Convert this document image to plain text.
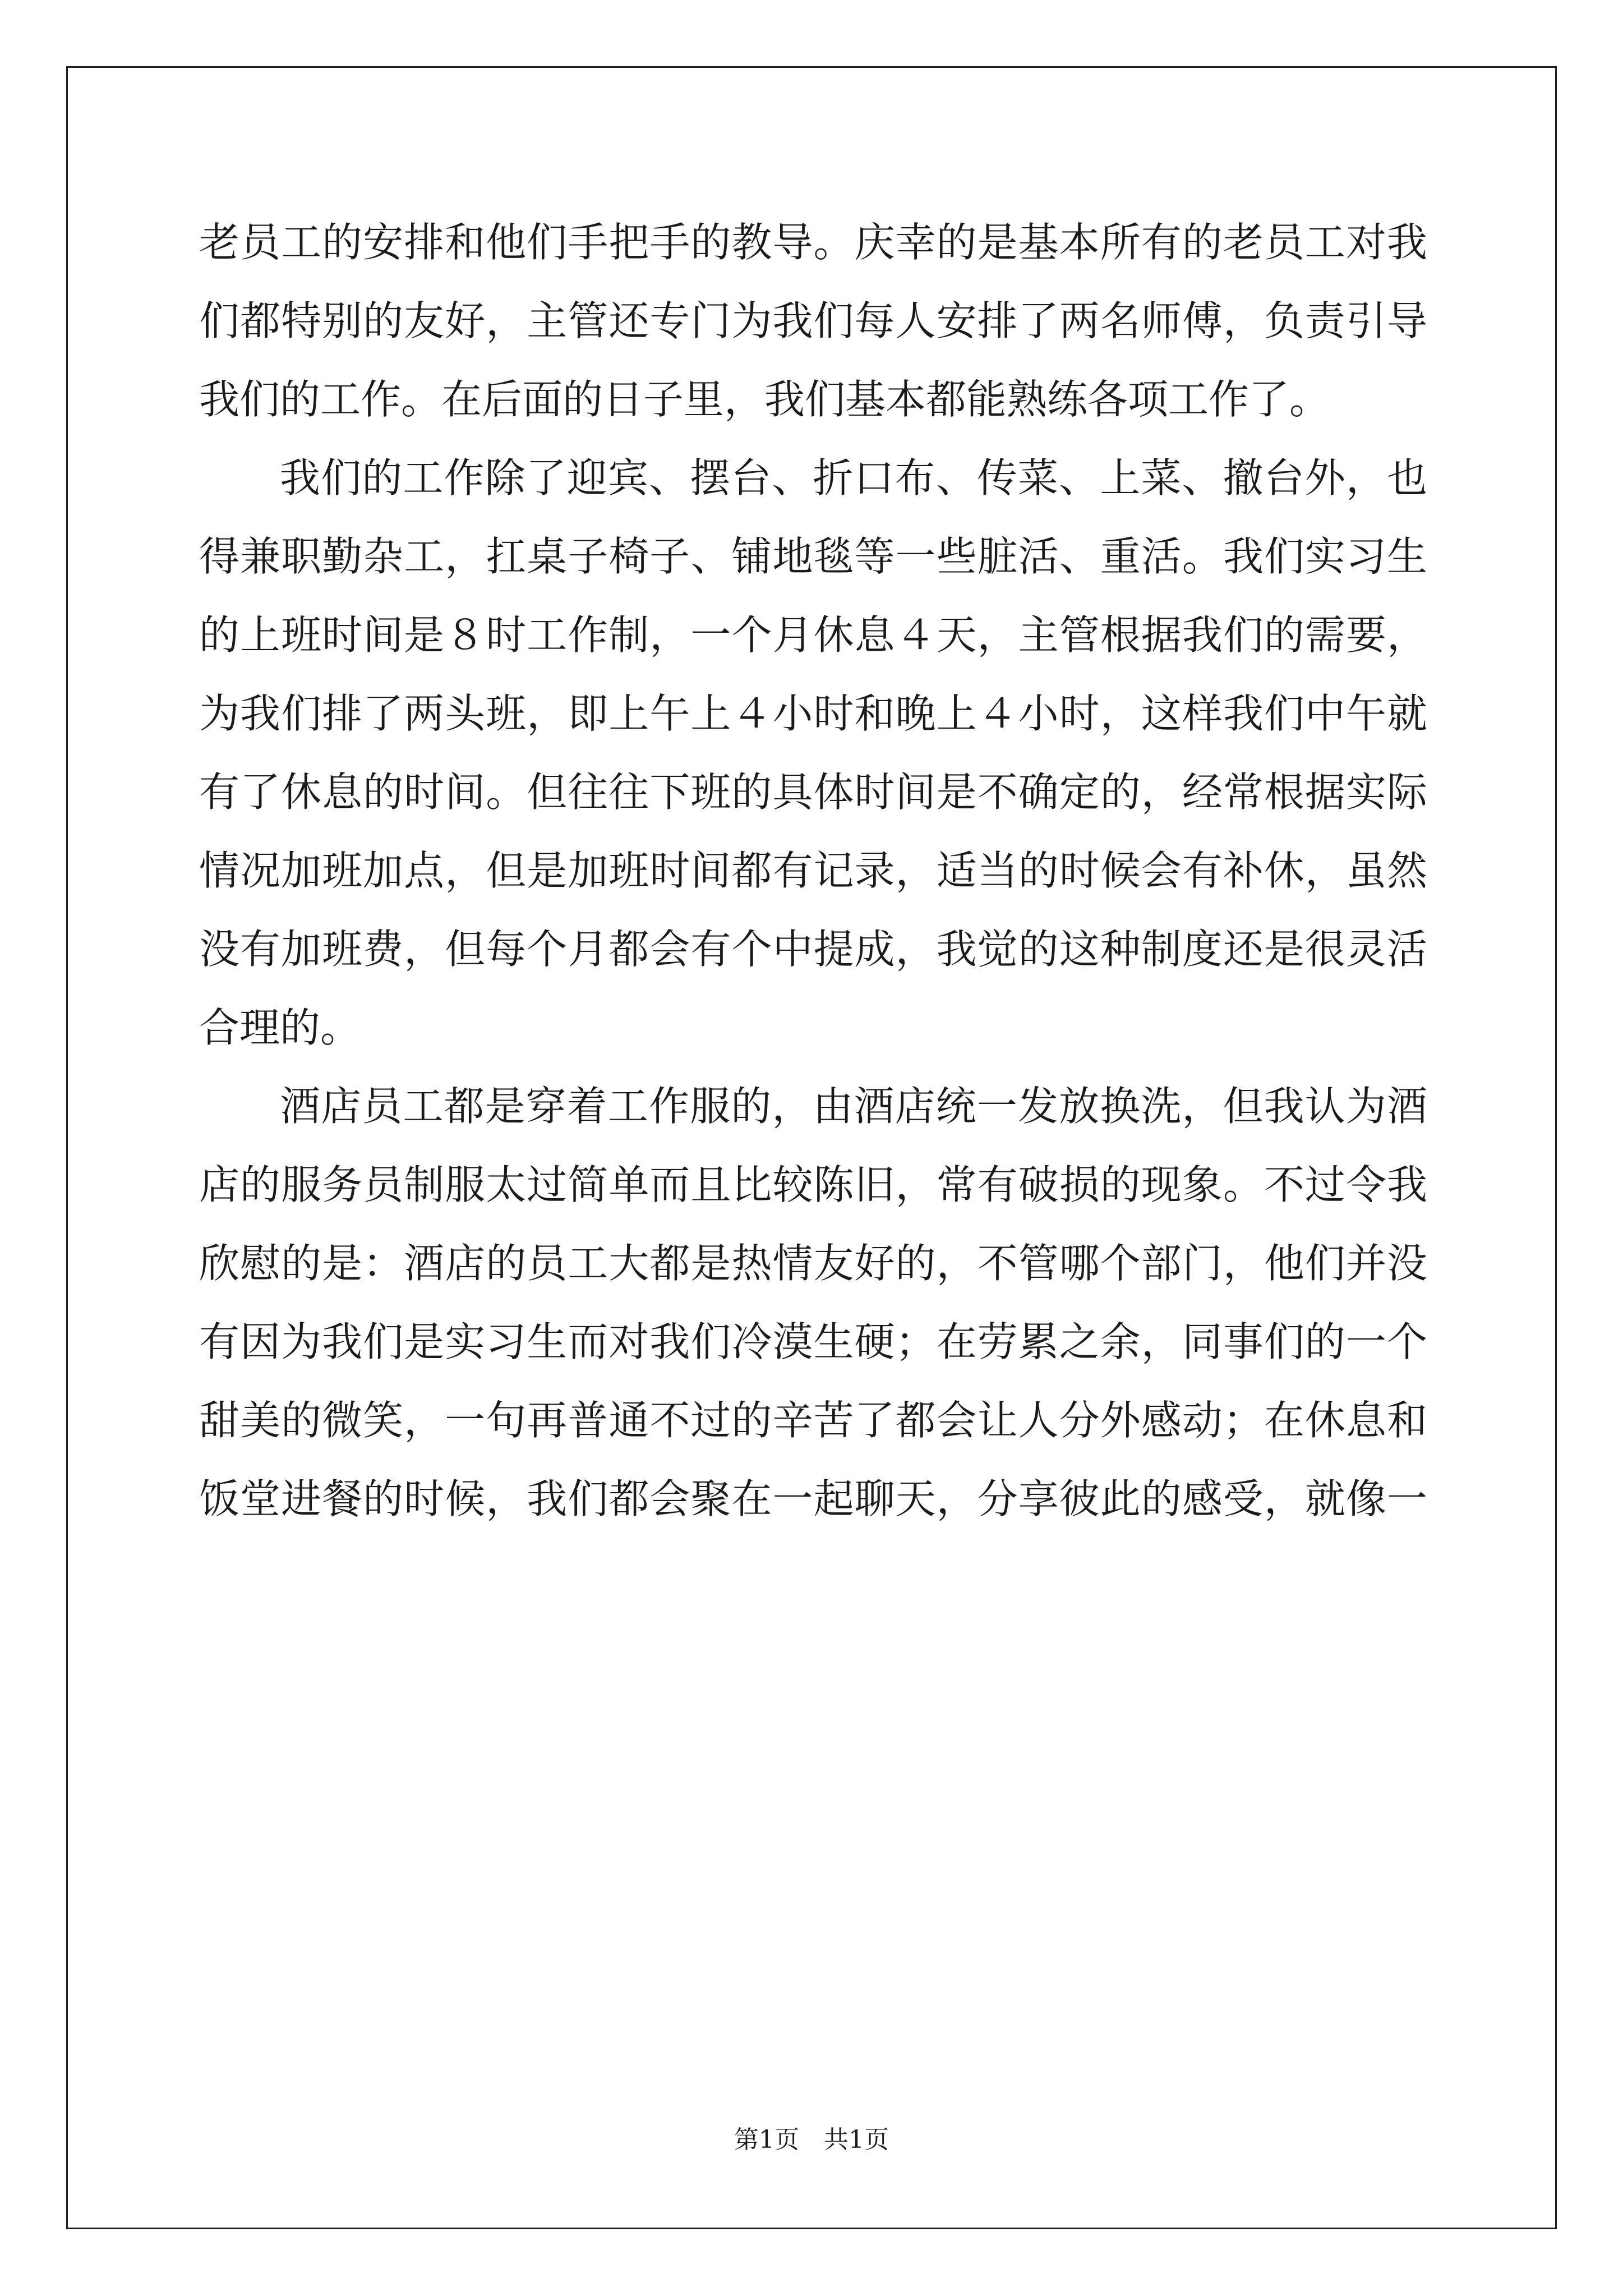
老员工的安排和他们手把手的教导。庆幸的是基本所有的老员工对我
们都特别的友好，主管还专门为我们每人安排了两名师傅，负责引导
我们的工作。在后面的日子里，我们基本都能熟练各项工作了。
我们的工作除了迎宾、摆台、折口布、传菜、上菜、撤台外，也
得兼职勤杂工，扛桌子椅子、铺地毯等一些脏活、重活。我们实习生
的上班时间是８时工作制，一个月休息４天，主管根据我们的需要，
为我们排了两头班，即上午上４小时和晚上４小时，这样我们中午就
有了休息的时间。但往往下班的具体时间是不确定的，经常根据实际
情况加班加点，但是加班时间都有记录，适当的时候会有补休，虽然
没有加班费，但每个月都会有个中提成，我觉的这种制度还是很灵活
合理的。
酒店员工都是穿着工作服的，由酒店统一发放换洗，但我认为酒
店的服务员制服太过简单而且比较陈旧，常有破损的现象。不过令我
欣慰的是：酒店的员工大都是热情友好的，不管哪个部门，他们并没
有因为我们是实习生而对我们冷漠生硬；在劳累之余，同事们的一个
甜美的微笑，一句再普通不过的辛苦了都会让人分外感动；在休息和
饭堂进餐的时候，我们都会聚在一起聊天，分享彼此的感受，就像一
第1页　共1页
